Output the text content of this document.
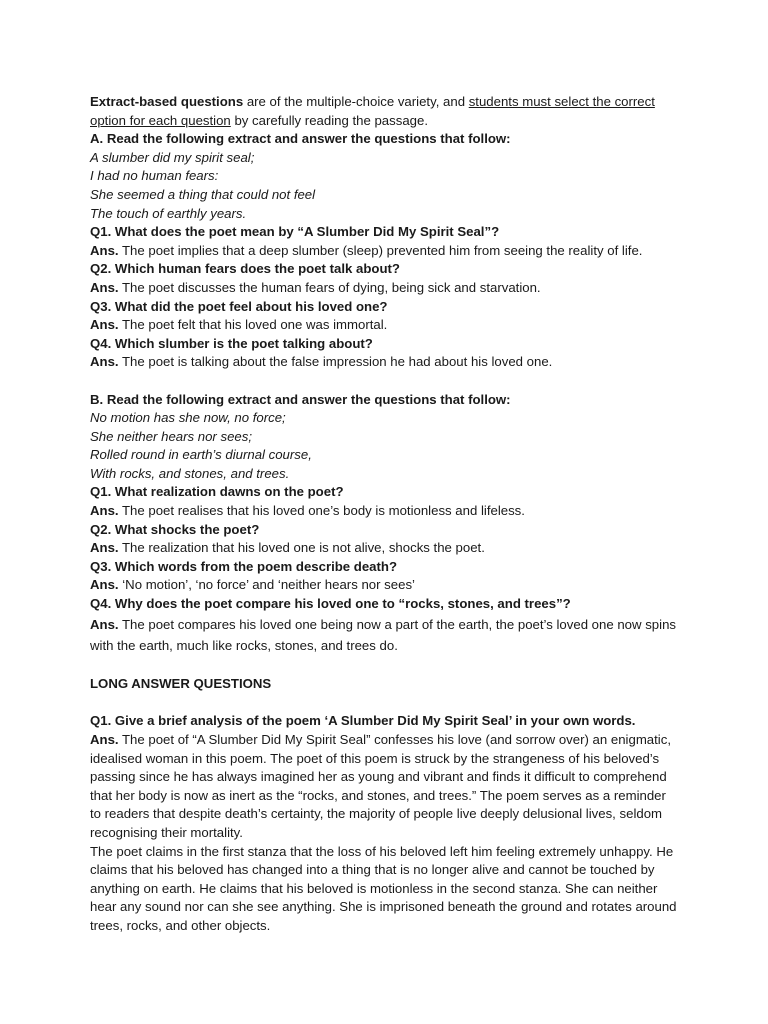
Extract-based questions are of the multiple-choice variety, and students must select the correct option for each question by carefully reading the passage.

A. Read the following extract and answer the questions that follow:

A slumber did my spirit seal;

I had no human fears:

She seemed a thing that could not feel

The touch of earthly years.

Q1. What does the poet mean by “A Slumber Did My Spirit Seal”?

Ans. The poet implies that a deep slumber (sleep) prevented him from seeing the reality of life.

Q2. Which human fears does the poet talk about?

Ans. The poet discusses the human fears of dying, being sick and starvation.

Q3. What did the poet feel about his loved one?

Ans. The poet felt that his loved one was immortal.

Q4. Which slumber is the poet talking about?

Ans. The poet is talking about the false impression he had about his loved one.

B. Read the following extract and answer the questions that follow:

No motion has she now, no force;

She neither hears nor sees;

Rolled round in earth’s diurnal course,

With rocks, and stones, and trees.

Q1. What realization dawns on the poet?

Ans. The poet realises that his loved one’s body is motionless and lifeless.

Q2. What shocks the poet?

Ans. The realization that his loved one is not alive, shocks the poet.

Q3. Which words from the poem describe death?

Ans. ‘No motion’, ‘no force’ and ‘neither hears nor sees’

Q4. Why does the poet compare his loved one to “rocks, stones, and trees”?

Ans. The poet compares his loved one being now a part of the earth, the poet’s loved one now spins with the earth, much like rocks, stones, and trees do.

LONG ANSWER QUESTIONS

Q1. Give a brief analysis of the poem ‘A Slumber Did My Spirit Seal’ in your own words.

Ans. The poet of “A Slumber Did My Spirit Seal” confesses his love (and sorrow over) an enigmatic, idealised woman in this poem. The poet of this poem is struck by the strangeness of his beloved’s passing since he has always imagined her as young and vibrant and finds it difficult to comprehend that her body is now as inert as the “rocks, and stones, and trees.” The poem serves as a reminder to readers that despite death’s certainty, the majority of people live deeply delusional lives, seldom recognising their mortality.

The poet claims in the first stanza that the loss of his beloved left him feeling extremely unhappy. He claims that his beloved has changed into a thing that is no longer alive and cannot be touched by anything on earth. He claims that his beloved is motionless in the second stanza. She can neither hear any sound nor can she see anything. She is imprisoned beneath the ground and rotates around trees, rocks, and other objects.
